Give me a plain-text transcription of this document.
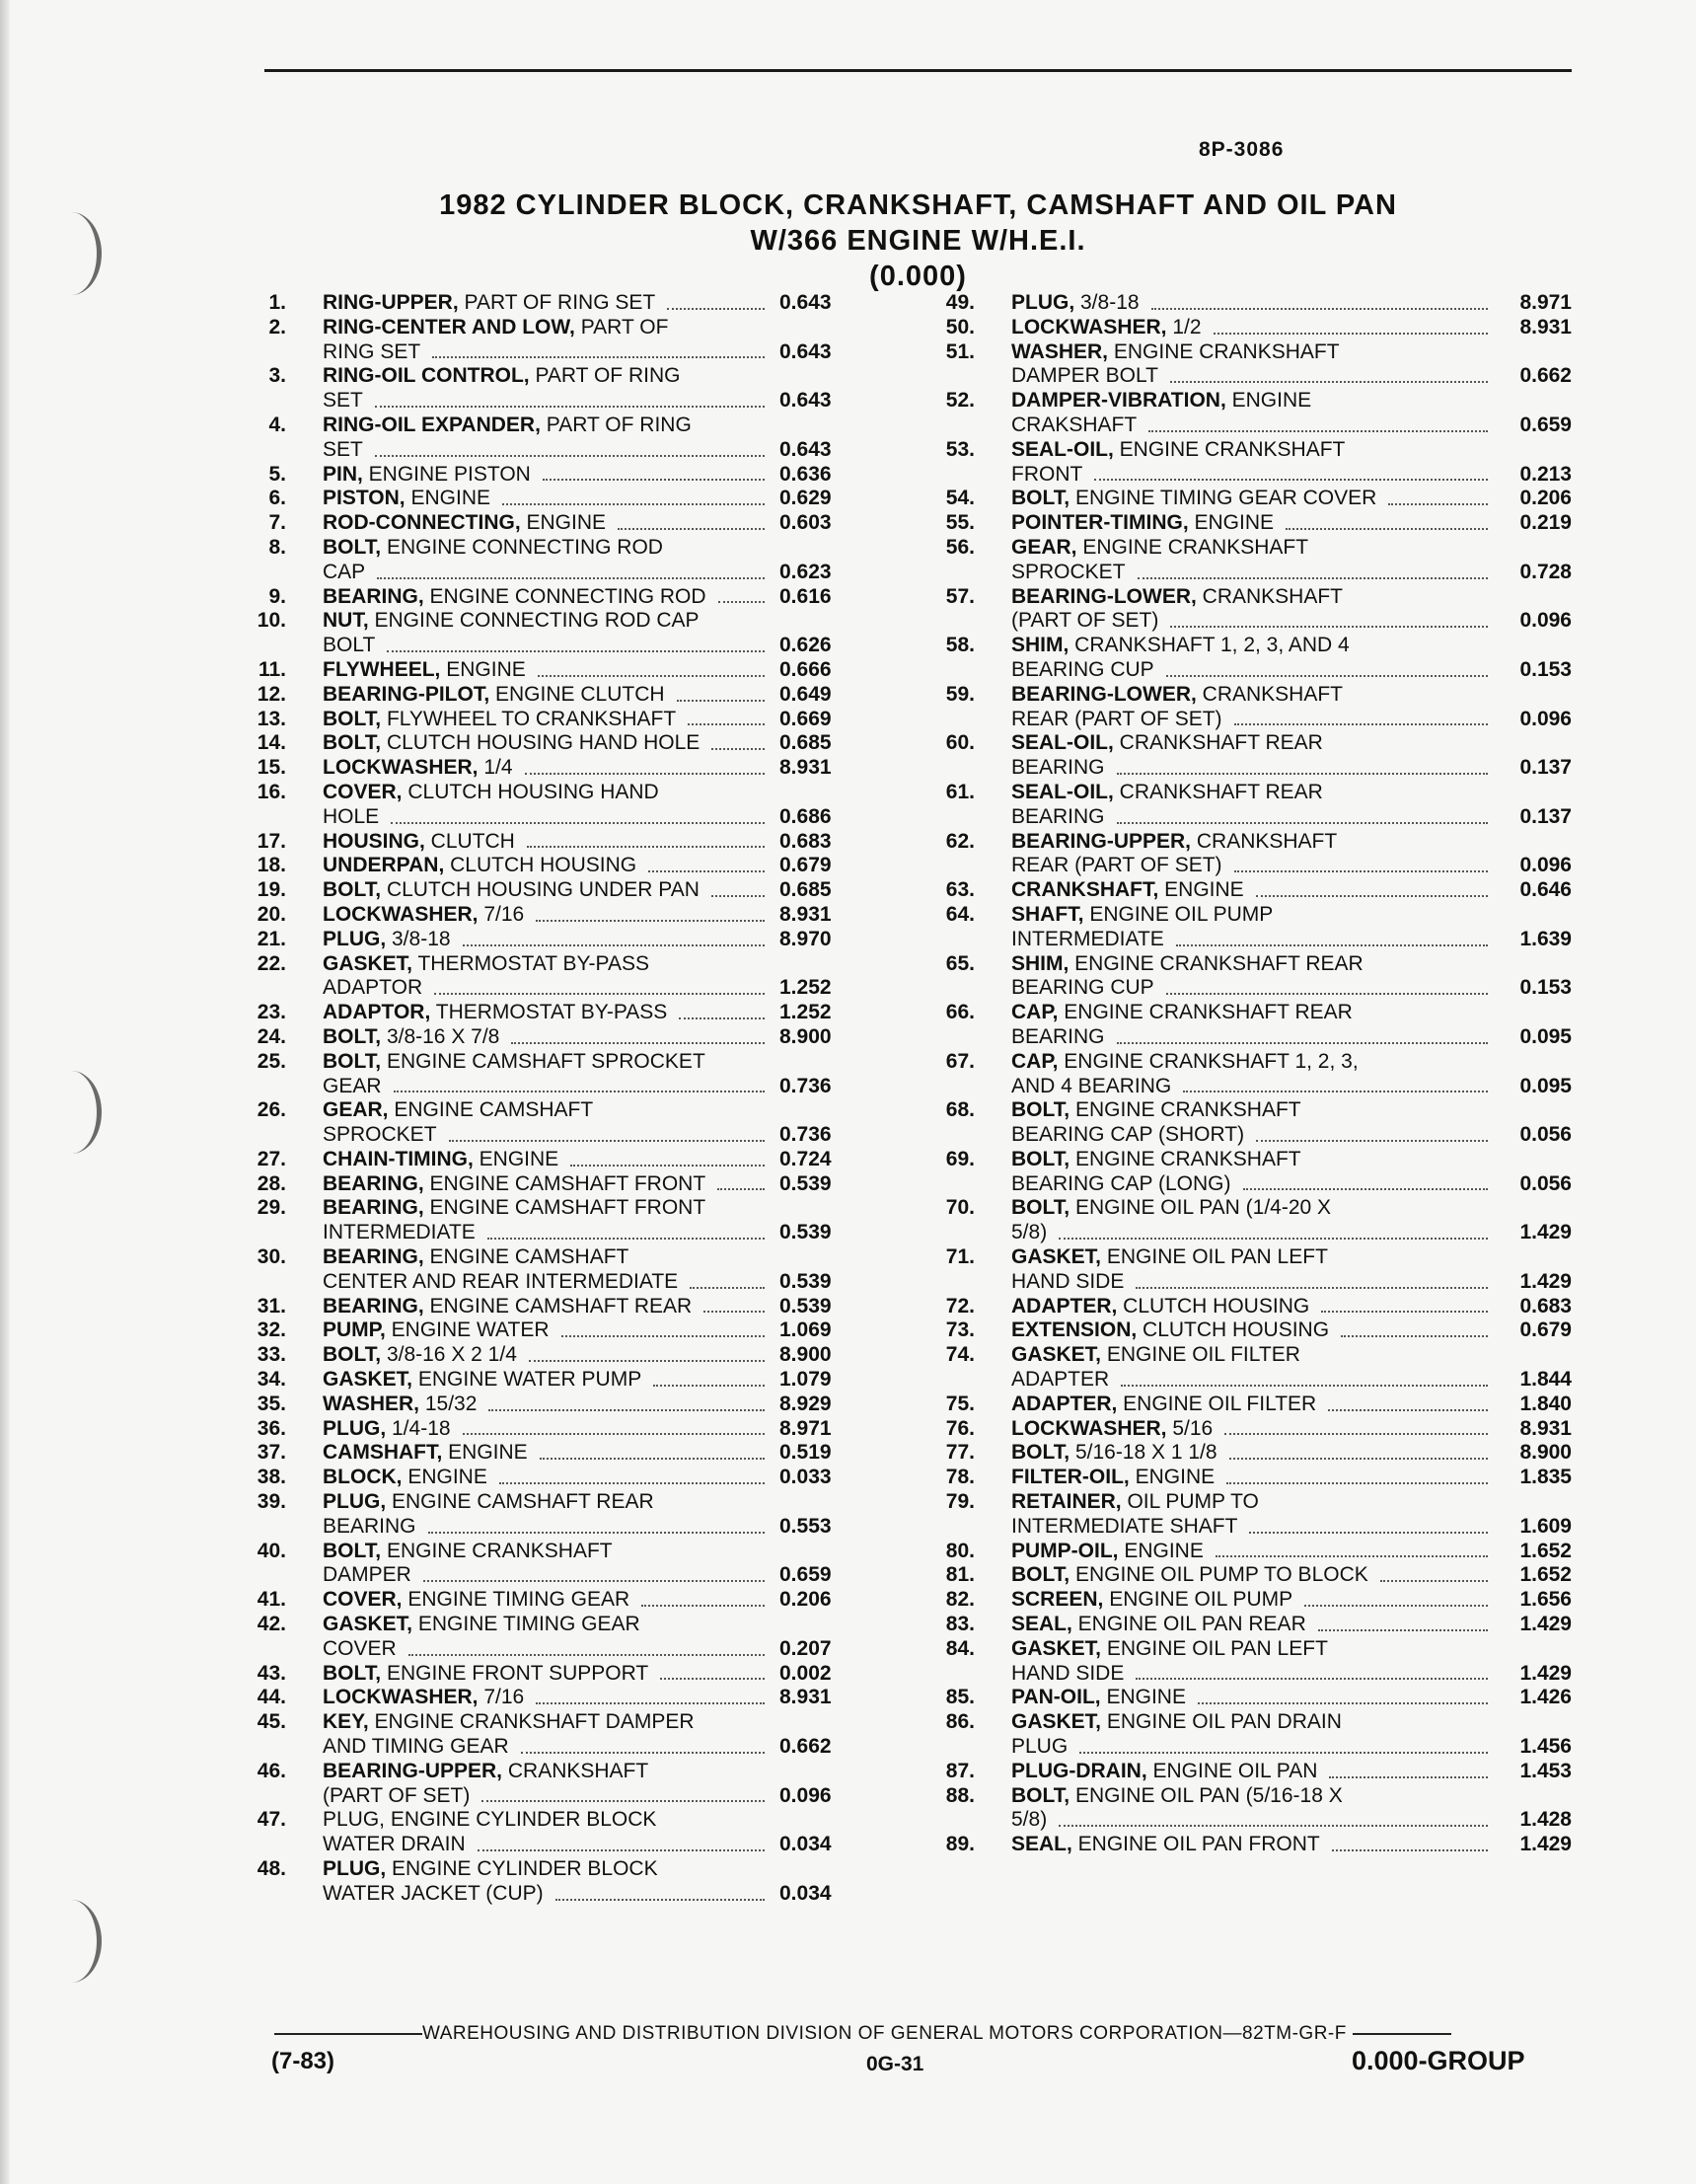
8P-3086
1982 CYLINDER BLOCK, CRANKSHAFT, CAMSHAFT AND OIL PAN
W/366 ENGINE W/H.E.I.
(0.000)
1. RING-UPPER, PART OF RING SET	0.643
2. RING-CENTER AND LOW, PART OF
RING SET	0.643
3. RING-OIL CONTROL, PART OF RING
SET	0.643
4. RING-OIL EXPANDER, PART OF RING
SET	0.643
5. PIN, ENGINE PISTON	0.636
6. PISTON, ENGINE	0.629
7. ROD-CONNECTING, ENGINE	0.603
8. BOLT, ENGINE CONNECTING ROD
CAP	0.623
9. BEARING, ENGINE CONNECTING ROD	0.616
10. NUT, ENGINE CONNECTING ROD CAP
BOLT	0.626
11. FLYWHEEL, ENGINE	0.666
12. BEARING-PILOT, ENGINE CLUTCH	0.649
13. BOLT, FLYWHEEL TO CRANKSHAFT	0.669
14. BOLT, CLUTCH HOUSING HAND HOLE	0.685
15. LOCKWASHER, 1/4	8.931
16. COVER, CLUTCH HOUSING HAND
HOLE	0.686
17. HOUSING, CLUTCH	0.683
18. UNDERPAN, CLUTCH HOUSING	0.679
19. BOLT, CLUTCH HOUSING UNDER PAN	0.685
20. LOCKWASHER, 7/16	8.931
21. PLUG, 3/8-18	8.970
22. GASKET, THERMOSTAT BY-PASS
ADAPTOR	1.252
23. ADAPTOR, THERMOSTAT BY-PASS	1.252
24. BOLT, 3/8-16 X 7/8	8.900
25. BOLT, ENGINE CAMSHAFT SPROCKET
GEAR	0.736
26. GEAR, ENGINE CAMSHAFT
SPROCKET	0.736
27. CHAIN-TIMING, ENGINE	0.724
28. BEARING, ENGINE CAMSHAFT FRONT	0.539
29. BEARING, ENGINE CAMSHAFT FRONT
INTERMEDIATE	0.539
30. BEARING, ENGINE CAMSHAFT
CENTER AND REAR INTERMEDIATE	0.539
31. BEARING, ENGINE CAMSHAFT REAR	0.539
32. PUMP, ENGINE WATER	1.069
33. BOLT, 3/8-16 X 2 1/4	8.900
34. GASKET, ENGINE WATER PUMP	1.079
35. WASHER, 15/32	8.929
36. PLUG, 1/4-18	8.971
37. CAMSHAFT, ENGINE	0.519
38. BLOCK, ENGINE	0.033
39. PLUG, ENGINE CAMSHAFT REAR
BEARING	0.553
40. BOLT, ENGINE CRANKSHAFT
DAMPER	0.659
41. COVER, ENGINE TIMING GEAR	0.206
42. GASKET, ENGINE TIMING GEAR
COVER	0.207
43. BOLT, ENGINE FRONT SUPPORT	0.002
44. LOCKWASHER, 7/16	8.931
45. KEY, ENGINE CRANKSHAFT DAMPER
AND TIMING GEAR	0.662
46. BEARING-UPPER, CRANKSHAFT
(PART OF SET)	0.096
47. PLUG, ENGINE CYLINDER BLOCK
WATER DRAIN	0.034
48. PLUG, ENGINE CYLINDER BLOCK
WATER JACKET (CUP)	0.034
49. PLUG, 3/8-18	8.971
50. LOCKWASHER, 1/2	8.931
51. WASHER, ENGINE CRANKSHAFT
DAMPER BOLT	0.662
52. DAMPER-VIBRATION, ENGINE
CRAKSHAFT	0.659
53. SEAL-OIL, ENGINE CRANKSHAFT
FRONT	0.213
54. BOLT, ENGINE TIMING GEAR COVER	0.206
55. POINTER-TIMING, ENGINE	0.219
56. GEAR, ENGINE CRANKSHAFT
SPROCKET	0.728
57. BEARING-LOWER, CRANKSHAFT
(PART OF SET)	0.096
58. SHIM, CRANKSHAFT 1, 2, 3, AND 4
BEARING CUP	0.153
59. BEARING-LOWER, CRANKSHAFT
REAR (PART OF SET)	0.096
60. SEAL-OIL, CRANKSHAFT REAR
BEARING	0.137
61. SEAL-OIL, CRANKSHAFT REAR
BEARING	0.137
62. BEARING-UPPER, CRANKSHAFT
REAR (PART OF SET)	0.096
63. CRANKSHAFT, ENGINE	0.646
64. SHAFT, ENGINE OIL PUMP
INTERMEDIATE	1.639
65. SHIM, ENGINE CRANKSHAFT REAR
BEARING CUP	0.153
66. CAP, ENGINE CRANKSHAFT REAR
BEARING	0.095
67. CAP, ENGINE CRANKSHAFT 1, 2, 3,
AND 4 BEARING	0.095
68. BOLT, ENGINE CRANKSHAFT
BEARING CAP (SHORT)	0.056
69. BOLT, ENGINE CRANKSHAFT
BEARING CAP (LONG)	0.056
70. BOLT, ENGINE OIL PAN (1/4-20 X
5/8)	1.429
71. GASKET, ENGINE OIL PAN LEFT
HAND SIDE	1.429
72. ADAPTER, CLUTCH HOUSING	0.683
73. EXTENSION, CLUTCH HOUSING	0.679
74. GASKET, ENGINE OIL FILTER
ADAPTER	1.844
75. ADAPTER, ENGINE OIL FILTER	1.840
76. LOCKWASHER, 5/16	8.931
77. BOLT, 5/16-18 X 1 1/8	8.900
78. FILTER-OIL, ENGINE	1.835
79. RETAINER, OIL PUMP TO
INTERMEDIATE SHAFT	1.609
80. PUMP-OIL, ENGINE	1.652
81. BOLT, ENGINE OIL PUMP TO BLOCK	1.652
82. SCREEN, ENGINE OIL PUMP	1.656
83. SEAL, ENGINE OIL PAN REAR	1.429
84. GASKET, ENGINE OIL PAN LEFT
HAND SIDE	1.429
85. PAN-OIL, ENGINE	1.426
86. GASKET, ENGINE OIL PAN DRAIN
PLUG	1.456
87. PLUG-DRAIN, ENGINE OIL PAN	1.453
88. BOLT, ENGINE OIL PAN (5/16-18 X
5/8)	1.428
89. SEAL, ENGINE OIL PAN FRONT	1.429
WAREHOUSING AND DISTRIBUTION DIVISION OF GENERAL MOTORS CORPORATION—82TM-GR-F
(7-83)	0G-31	0.000-GROUP
